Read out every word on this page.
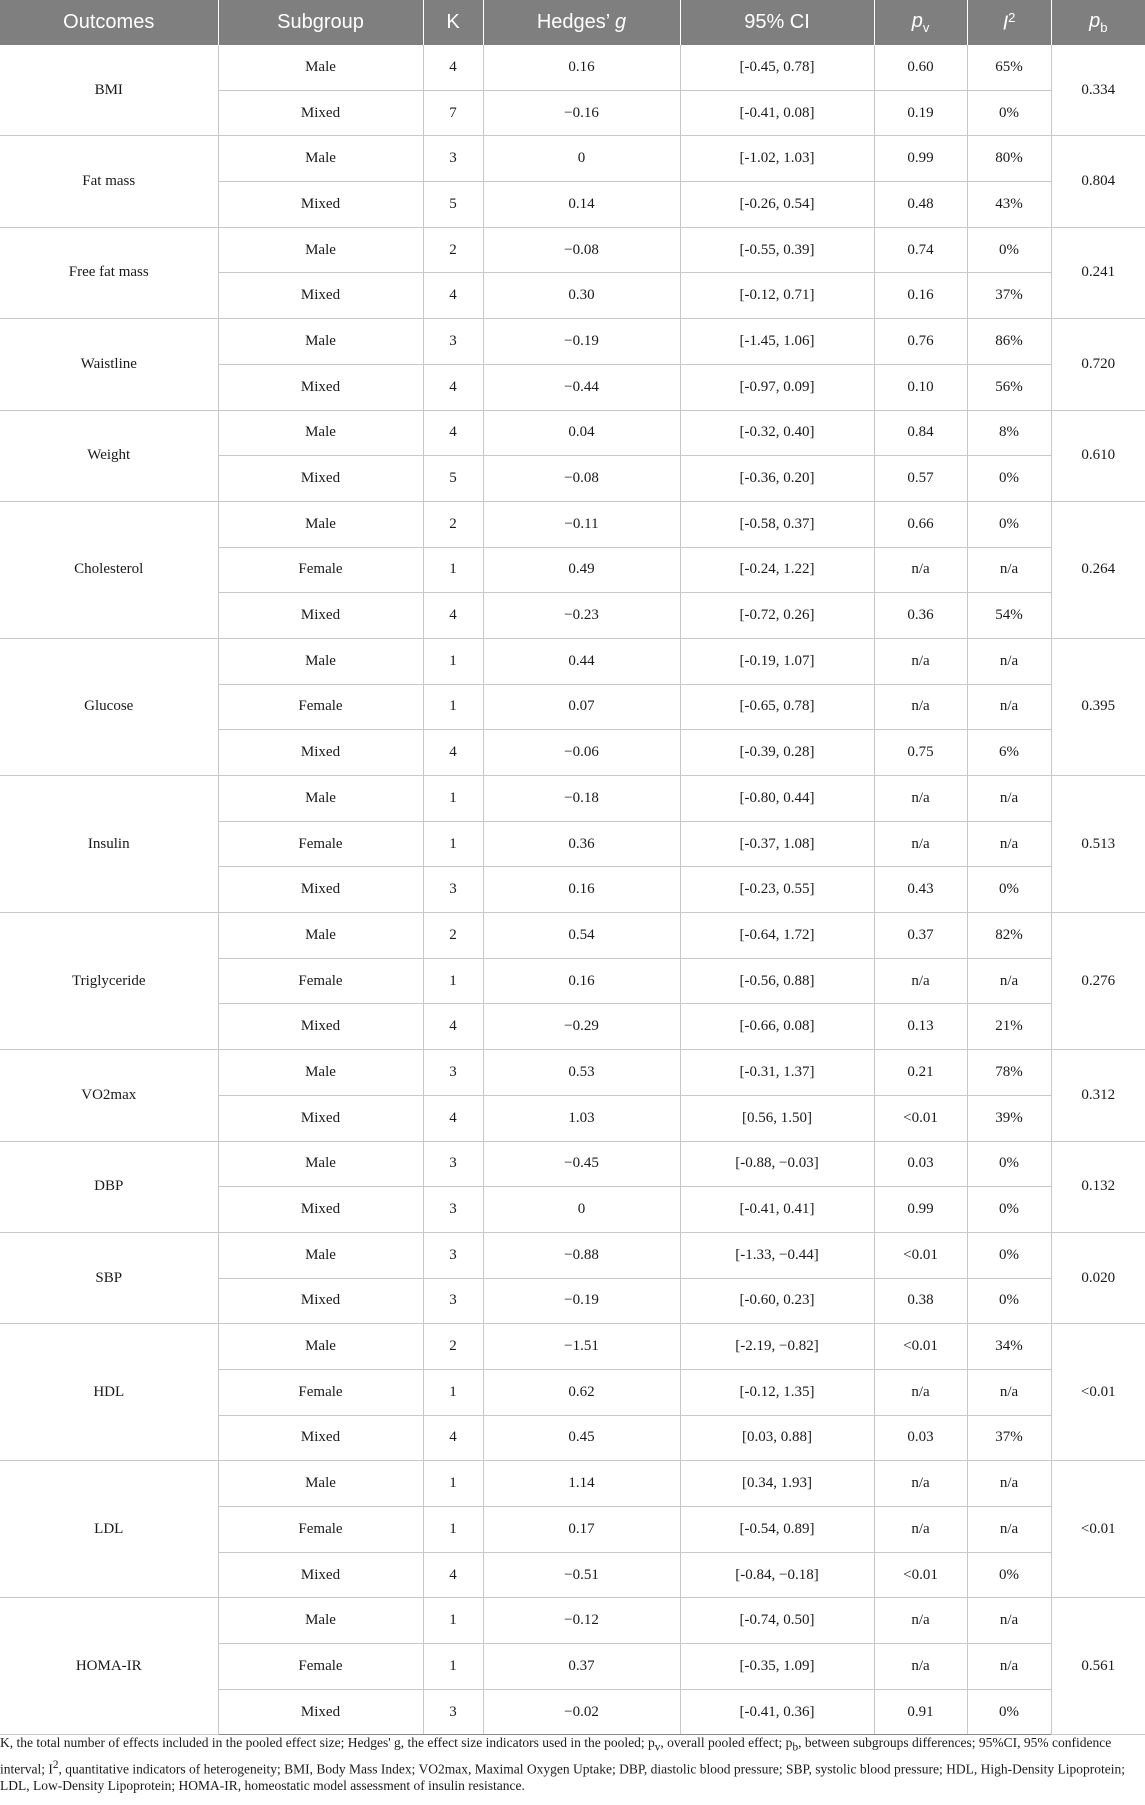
Outcomes	Subgroup	K	Hedges’ g	95% CI	$p_v$	$I^2$	$p_b$
BMI	Male	4	0.16	[-0.45, 0.78]	0.60	65%	0.334
	Mixed	7	−0.16	[-0.41, 0.08]	0.19	0%	
Fat mass	Male	3	0	[-1.02, 1.03]	0.99	80%	0.804
	Mixed	5	0.14	[-0.26, 0.54]	0.48	43%	
Free fat mass	Male	2	−0.08	[-0.55, 0.39]	0.74	0%	0.241
	Mixed	4	0.30	[-0.12, 0.71]	0.16	37%	
Waistline	Male	3	−0.19	[-1.45, 1.06]	0.76	86%	0.720
	Mixed	4	−0.44	[-0.97, 0.09]	0.10	56%	
Weight	Male	4	0.04	[-0.32, 0.40]	0.84	8%	0.610
	Mixed	5	−0.08	[-0.36, 0.20]	0.57	0%	
Cholesterol	Male	2	−0.11	[-0.58, 0.37]	0.66	0%	0.264
	Female	1	0.49	[-0.24, 1.22]	n/a	n/a	
	Mixed	4	−0.23	[-0.72, 0.26]	0.36	54%	
Glucose	Male	1	0.44	[-0.19, 1.07]	n/a	n/a	0.395
	Female	1	0.07	[-0.65, 0.78]	n/a	n/a	
	Mixed	4	−0.06	[-0.39, 0.28]	0.75	6%	
Insulin	Male	1	−0.18	[-0.80, 0.44]	n/a	n/a	0.513
	Female	1	0.36	[-0.37, 1.08]	n/a	n/a	
	Mixed	3	0.16	[-0.23, 0.55]	0.43	0%	
Triglyceride	Male	2	0.54	[-0.64, 1.72]	0.37	82%	0.276
	Female	1	0.16	[-0.56, 0.88]	n/a	n/a	
	Mixed	4	−0.29	[-0.66, 0.08]	0.13	21%	
VO2max	Male	3	0.53	[-0.31, 1.37]	0.21	78%	0.312
	Mixed	4	1.03	[0.56, 1.50]	<0.01	39%	
DBP	Male	3	−0.45	[-0.88, −0.03]	0.03	0%	0.132
	Mixed	3	0	[-0.41, 0.41]	0.99	0%	
SBP	Male	3	−0.88	[-1.33, −0.44]	<0.01	0%	0.020
	Mixed	3	−0.19	[-0.60, 0.23]	0.38	0%	
HDL	Male	2	−1.51	[-2.19, −0.82]	<0.01	34%	<0.01
	Female	1	0.62	[-0.12, 1.35]	n/a	n/a	
	Mixed	4	0.45	[0.03, 0.88]	0.03	37%	
LDL	Male	1	1.14	[0.34, 1.93]	n/a	n/a	<0.01
	Female	1	0.17	[-0.54, 0.89]	n/a	n/a	
	Mixed	4	−0.51	[-0.84, −0.18]	<0.01	0%	
HOMA-IR	Male	1	−0.12	[-0.74, 0.50]	n/a	n/a	0.561
	Female	1	0.37	[-0.35, 1.09]	n/a	n/a	
	Mixed	3	−0.02	[-0.41, 0.36]	0.91	0%	
K, the total number of effects included in the pooled effect size; Hedges' g, the effect size indicators used in the pooled; $p_v$, overall pooled effect; $p_b$, between subgroups differences; 95%CI, 95% confidence interval; $I^2$, quantitative indicators of heterogeneity; BMI, Body Mass Index; VO2max, Maximal Oxygen Uptake; DBP, diastolic blood pressure; SBP, systolic blood pressure; HDL, High-Density Lipoprotein; LDL, Low-Density Lipoprotein; HOMA-IR, homeostatic model assessment of insulin resistance.
